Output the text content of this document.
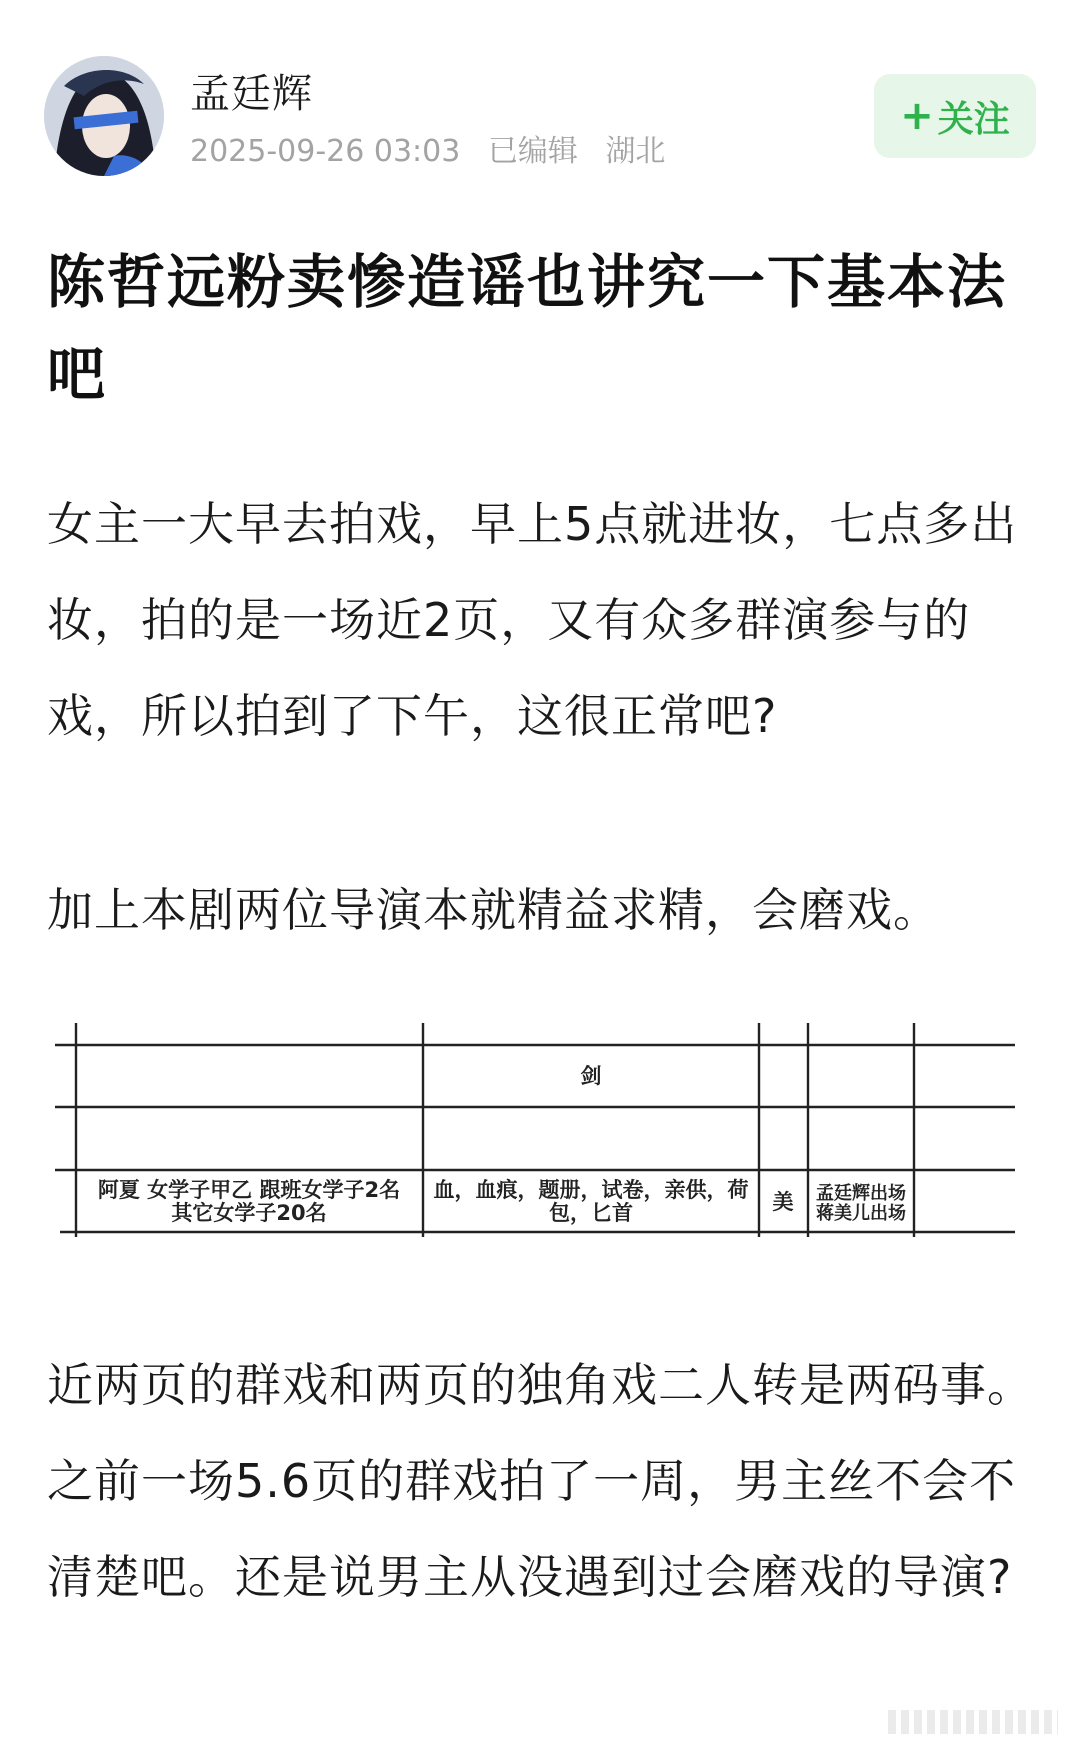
孟廷辉
2025-09-26 03:03 已编辑 湖北
+ 关注
陈哲远粉卖惨造谣也讲究一下基本法吧
女主一大早去拍戏，早上5点就进妆，七点多出妆，拍的是一场近2页，又有众多群演参与的戏，所以拍到了下午，这很正常吧?
加上本剧两位导演本就精益求精，会磨戏。
剑
阿夏 女学子甲乙 跟班女学子2名
其它女学子20名
血，血痕，题册，试卷，亲供，荷
包，匕首	美 孟廷辉出场
蒋美儿出场
近两页的群戏和两页的独角戏二人转是两码事。之前一场5.6页的群戏拍了一周，男主丝不会不清楚吧。还是说男主从没遇到过会磨戏的导演?
